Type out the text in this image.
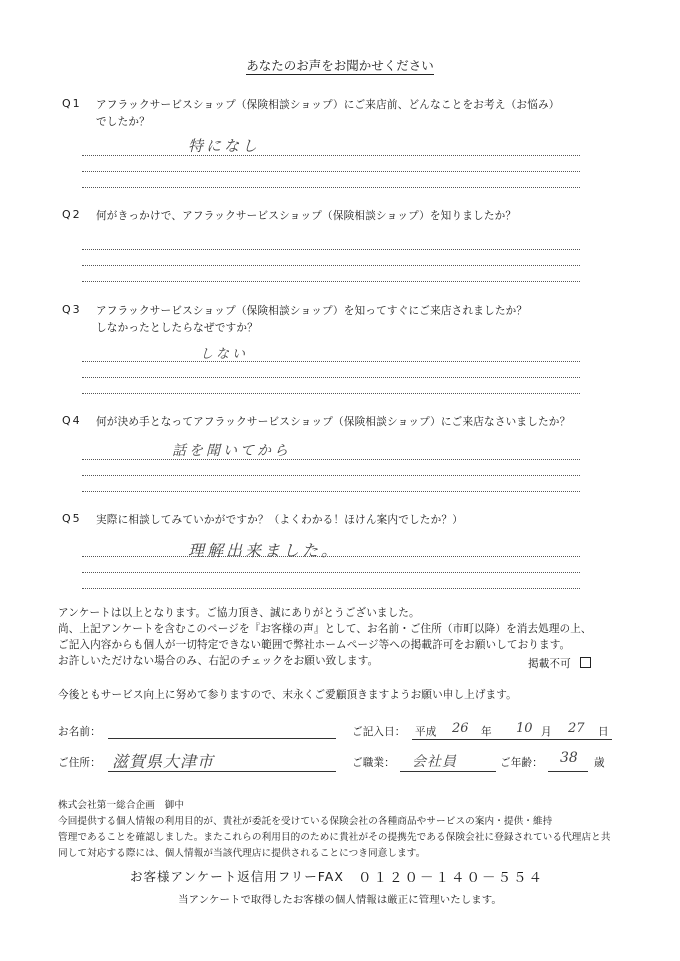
あなたのお声をお聞かせください
Q1 アフラックサービスショップ（保険相談ショップ）にご来店前、どんなことをお考え（お悩み）
でしたか？
特になし
Q2 何がきっかけで、アフラックサービスショップ（保険相談ショップ）を知りましたか？
Q3 アフラックサービスショップ（保険相談ショップ）を知ってすぐにご来店されましたか？
しなかったとしたらなぜですか？
しない
Q4 何が決め手となってアフラックサービスショップ（保険相談ショップ）にご来店なさいましたか？
話を聞いてから
Q5 実際に相談してみていかがですか？（よくわかる！ほけん案内でしたか？）
理解出来ました。
アンケートは以上となります。ご協力頂き、誠にありがとうございました。
尚、上記アンケートを含むこのページを『お客様の声』として、お名前・ご住所（市町以降）を消去処理の上、
ご記入内容からも個人が一切特定できない範囲で弊社ホームページ等への掲載許可をお願いしております。
お許しいただけない場合のみ、右記のチェックをお願い致します。	掲載不可
今後ともサービス向上に努めて参りますので、末永くご愛顧頂きますようお願い申し上げます。
お名前：	ご記入日： 平成 26 年 10 月 27 日
ご住所： 滋賀県大津市	ご職業： 会社員	ご年齢： 38 歳
株式会社第一総合企画　御中
今回提供する個人情報の利用目的が、貴社が委託を受けている保険会社の各種商品やサービスの案内・提供・維持
管理であることを確認しました。またこれらの利用目的のために貴社がその提携先である保険会社に登録されている代理店と共
同して対応する際には、個人情報が当該代理店に提供されることにつき同意します。
お客様アンケート返信用フリーFAX ０１２０－１４０－５５４
当アンケートで取得したお客様の個人情報は厳正に管理いたします。
